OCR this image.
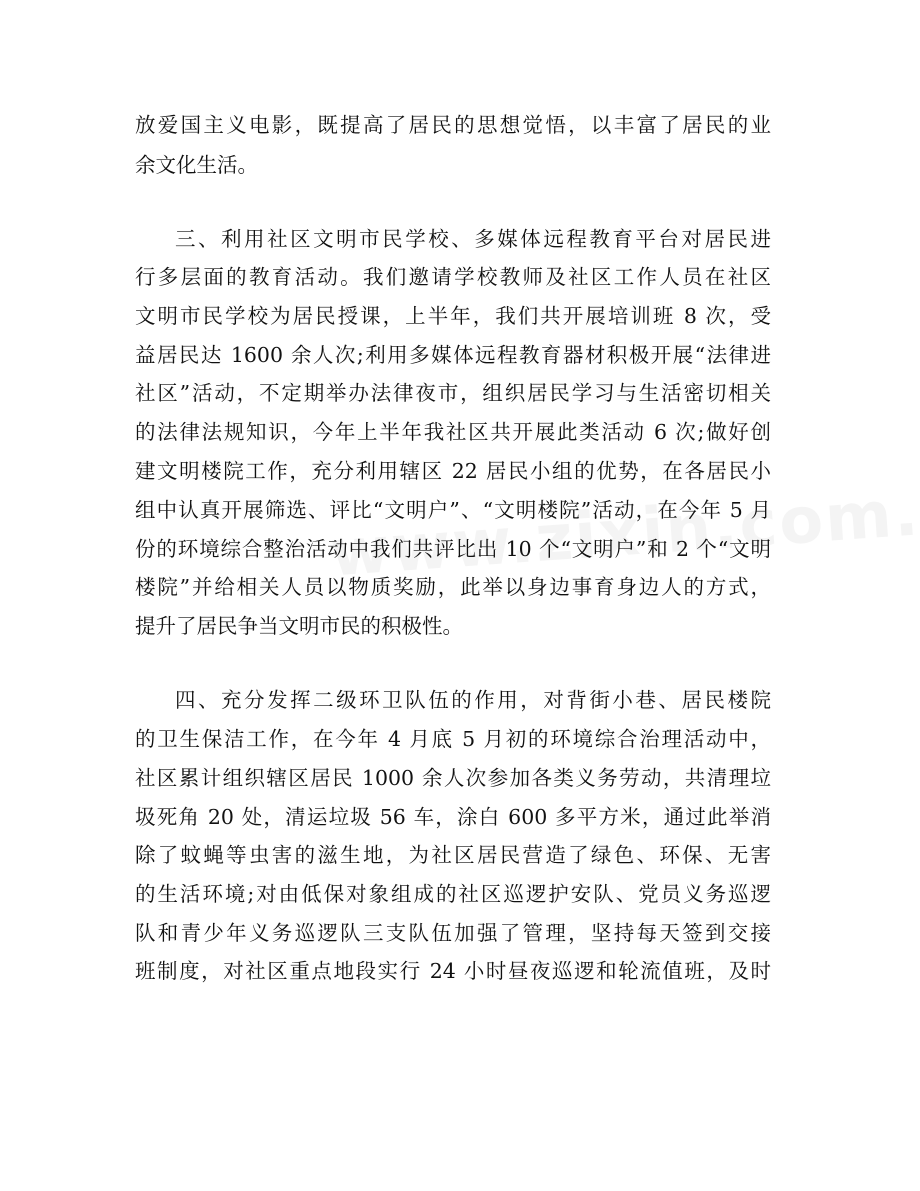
放爱国主义电影，既提高了居民的思想觉悟，以丰富了居民的业
余文化生活。
三、利用社区文明市民学校、多媒体远程教育平台对居民进
行多层面的教育活动。我们邀请学校教师及社区工作人员在社区
文明市民学校为居民授课，上半年，我们共开展培训班 8 次，受
益居民达 1600 余人次;利用多媒体远程教育器材积极开展“法律进
社区”活动，不定期举办法律夜市，组织居民学习与生活密切相关
的法律法规知识，今年上半年我社区共开展此类活动 6 次;做好创
建文明楼院工作，充分利用辖区 22 居民小组的优势，在各居民小
组中认真开展筛选、评比“文明户”、“文明楼院”活动，在今年 5 月
份的环境综合整治活动中我们共评比出 10 个“文明户”和 2 个“文明
楼院”并给相关人员以物质奖励，此举以身边事育身边人的方式，
提升了居民争当文明市民的积极性。
四、充分发挥二级环卫队伍的作用，对背街小巷、居民楼院
的卫生保洁工作，在今年 4 月底 5 月初的环境综合治理活动中，
社区累计组织辖区居民 1000 余人次参加各类义务劳动，共清理垃
圾死角 20 处，清运垃圾 56 车，涂白 600 多平方米，通过此举消
除了蚊蝇等虫害的滋生地，为社区居民营造了绿色、环保、无害
的生活环境;对由低保对象组成的社区巡逻护安队、党员义务巡逻
队和青少年义务巡逻队三支队伍加强了管理，坚持每天签到交接
班制度，对社区重点地段实行 24 小时昼夜巡逻和轮流值班，及时
